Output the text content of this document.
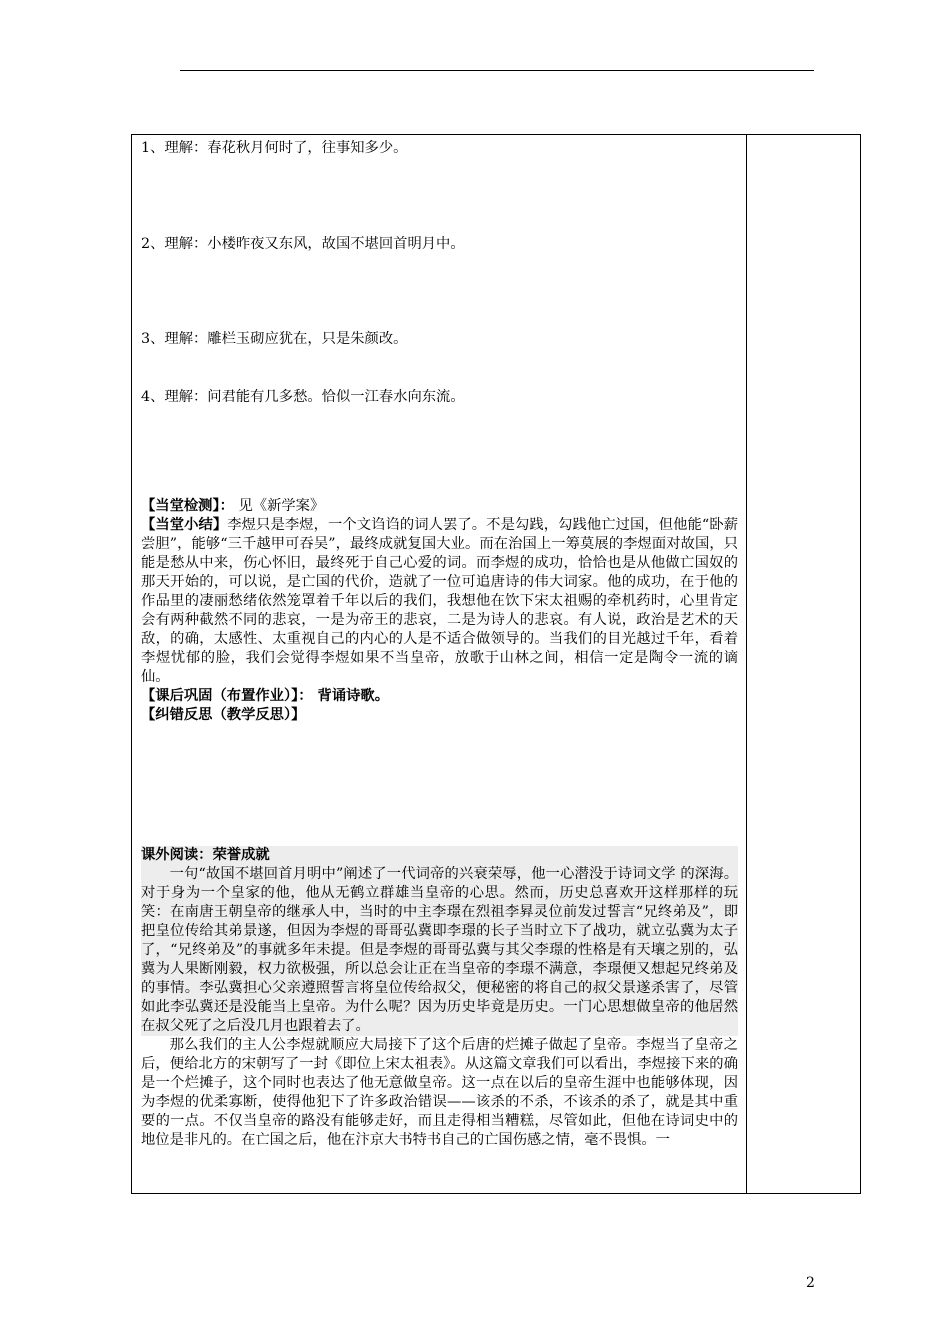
1、理解：春花秋月何时了，往事知多少。

2、理解：小楼昨夜又东风，故国不堪回首明月中。

3、理解：雕栏玉砌应犹在，只是朱颜改。

4、理解：问君能有几多愁。恰似一江春水向东流。

【当堂检测】： 见《新学案》

【当堂小结】李煜只是李煜，一个文诌诌的词人罢了。不是勾践，勾践他亡过国，但他能“卧薪尝胆”，能够“三千越甲可吞吴”，最终成就复国大业。而在治国上一筹莫展的李煜面对故国，只能是愁从中来，伤心怀旧，最终死于自己心爱的词。而李煜的成功，恰恰也是从他做亡国奴的那天开始的，可以说，是亡国的代价，造就了一位可追唐诗的伟大词家。他的成功，在于他的作品里的凄丽愁绪依然笼罩着千年以后的我们，我想他在饮下宋太祖赐的牵机药时，心里肯定会有两种截然不同的悲哀，一是为帝王的悲哀，二是为诗人的悲哀。有人说，政治是艺术的天敌，的确，太感性、太重视自己的内心的人是不适合做领导的。当我们的目光越过千年，看着李煜忧郁的脸，我们会觉得李煜如果不当皇帝，放歌于山林之间，相信一定是陶令一流的谪仙。

【课后巩固（布置作业）】： 背诵诗歌。

【纠错反思（教学反思）】

课外阅读：荣誉成就

一句“故国不堪回首月明中”阐述了一代词帝的兴衰荣辱，他一心潜没于诗词文学 的深海。对于身为一个皇家的他，他从无鹤立群雄当皇帝的心思。然而，历史总喜欢开这样那样的玩笑：在南唐王朝皇帝的继承人中，当时的中主李璟在烈祖李昪灵位前发过誓言“兄终弟及”，即把皇位传给其弟景遂，但因为李煜的哥哥弘冀即李璟的长子当时立下了战功，就立弘冀为太子了，“兄终弟及”的事就多年未提。但是李煜的哥哥弘冀与其父李璟的性格是有天壤之别的，弘冀为人果断刚毅，权力欲极强，所以总会让正在当皇帝的李璟不满意，李璟便又想起兄终弟及的事情。李弘冀担心父亲遵照誓言将皇位传给叔父，便秘密的将自己的叔父景遂杀害了，尽管如此李弘冀还是没能当上皇帝。为什么呢？因为历史毕竟是历史。一门心思想做皇帝的他居然在叔父死了之后没几月也跟着去了。

那么我们的主人公李煜就顺应大局接下了这个后唐的烂摊子做起了皇帝。李煜当了皇帝之后，便给北方的宋朝写了一封《即位上宋太祖表》。从这篇文章我们可以看出，李煜接下来的确是一个烂摊子，这个同时也表达了他无意做皇帝。这一点在以后的皇帝生涯中也能够体现，因为李煜的优柔寡断，使得他犯下了许多政治错误——该杀的不杀，不该杀的杀了，就是其中重要的一点。不仅当皇帝的路没有能够走好，而且走得相当糟糕，尽管如此，但他在诗词史中的地位是非凡的。在亡国之后，他在汴京大书特书自己的亡国伤感之情，毫不畏惧。一

2
